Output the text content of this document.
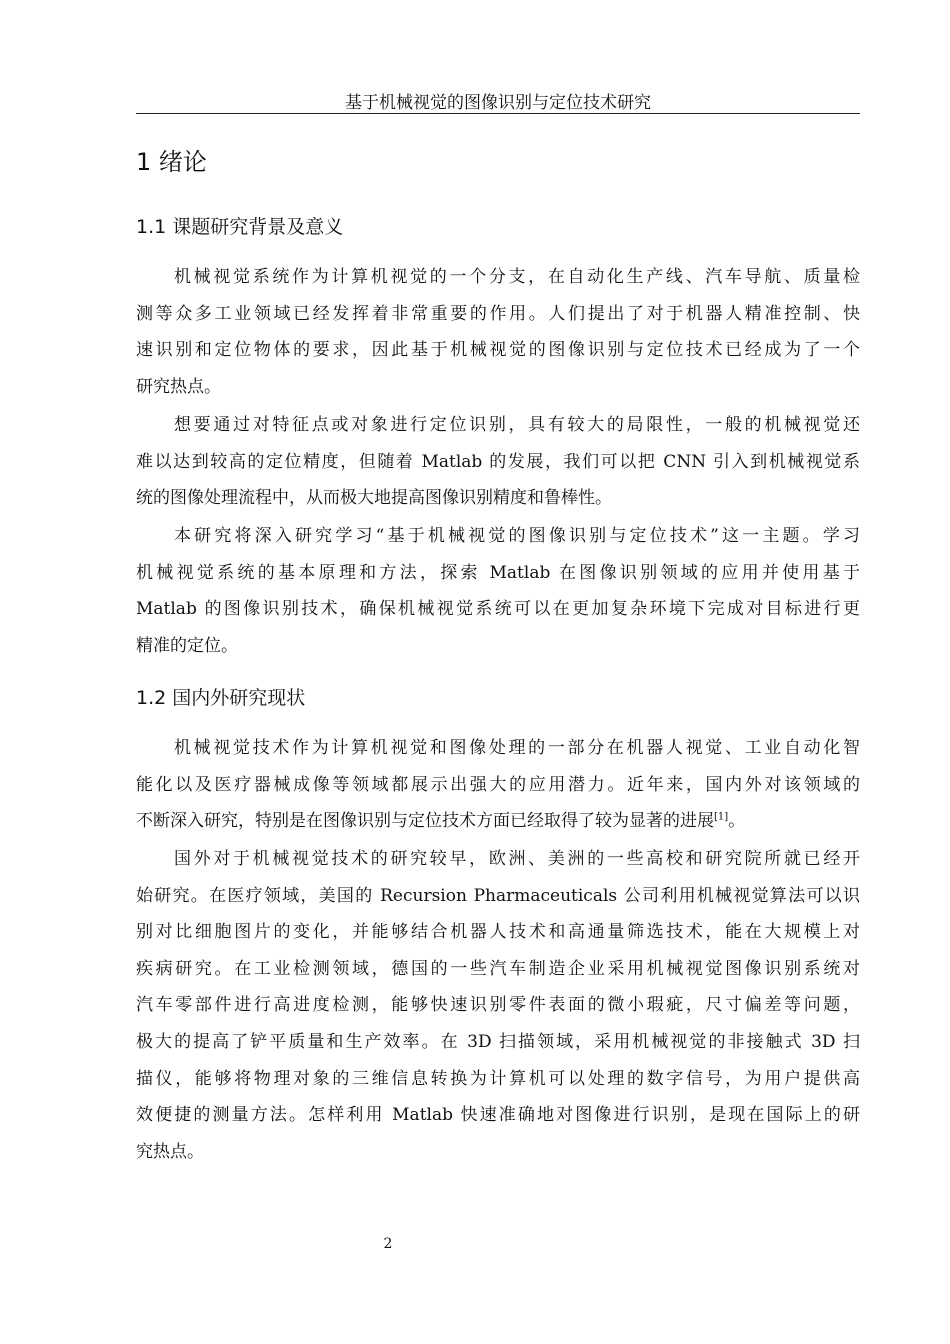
基于机械视觉的图像识别与定位技术研究
1 绪论
1.1 课题研究背景及意义

机械视觉系统作为计算机视觉的一个分支，在自动化生产线、汽车导航、质量检
测等众多工业领域已经发挥着非常重要的作用。人们提出了对于机器人精准控制、快
速识别和定位物体的要求，因此基于机械视觉的图像识别与定位技术已经成为了一个
研究热点。

想要通过对特征点或对象进行定位识别，具有较大的局限性，一般的机械视觉还
难以达到较高的定位精度，但随着 Matlab 的发展，我们可以把 CNN 引入到机械视觉系
统的图像处理流程中，从而极大地提高图像识别精度和鲁棒性。

本研究将深入研究学习“基于机械视觉的图像识别与定位技术”这一主题。学习
机械视觉系统的基本原理和方法，探索 Matlab 在图像识别领域的应用并使用基于
Matlab 的图像识别技术，确保机械视觉系统可以在更加复杂环境下完成对目标进行更
精准的定位。

1.2 国内外研究现状

机械视觉技术作为计算机视觉和图像处理的一部分在机器人视觉、工业自动化智
能化以及医疗器械成像等领域都展示出强大的应用潜力。近年来，国内外对该领域的
不断深入研究，特别是在图像识别与定位技术方面已经取得了较为显著的进展[1]。

国外对于机械视觉技术的研究较早，欧洲、美洲的一些高校和研究院所就已经开
始研究。在医疗领域，美国的 Recursion Pharmaceuticals 公司利用机械视觉算法可以识
别对比细胞图片的变化，并能够结合机器人技术和高通量筛选技术，能在大规模上对
疾病研究。在工业检测领域，德国的一些汽车制造企业采用机械视觉图像识别系统对
汽车零部件进行高进度检测，能够快速识别零件表面的微小瑕疵，尺寸偏差等问题，
极大的提高了铲平质量和生产效率。在 3D 扫描领域，采用机械视觉的非接触式 3D 扫
描仪，能够将物理对象的三维信息转换为计算机可以处理的数字信号，为用户提供高
效便捷的测量方法。怎样利用 Matlab 快速准确地对图像进行识别，是现在国际上的研
究热点。

2
